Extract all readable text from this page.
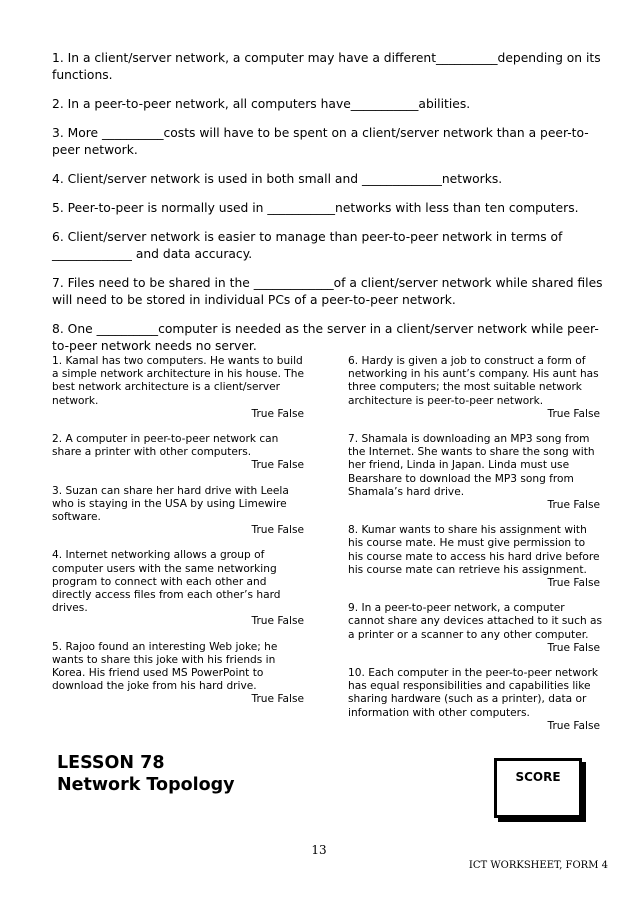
1. In a client/server network, a computer may have a different__________depending on its functions.

2. In a peer-to-peer network, all computers have___________abilities.

3. More __________costs will have to be spent on a client/server network than a peer-to-peer network.

4. Client/server network is used in both small and _____________networks.

5. Peer-to-peer is normally used in ___________networks with less than ten computers.

6. Client/server network is easier to manage than peer-to-peer network in terms of _____________ and data accuracy.

7. Files need to be shared in the _____________of a client/server network while shared files will need to be stored in individual PCs of a peer-to-peer network.

8. One __________computer is needed as the server in a client/server network while peer-to-peer network needs no server.

1. Kamal has two computers. He wants to build a simple network architecture in his house. The best network architecture is a client/server network.

True False

2. A computer in peer-to-peer network can share a printer with other computers.

True False

3. Suzan can share her hard drive with Leela who is staying in the USA by using Limewire software.

True False

4. Internet networking allows a group of computer users with the same networking program to connect with each other and directly access files from each other’s hard drives.

True False

5. Rajoo found an interesting Web joke; he wants to share this joke with his friends in Korea. His friend used MS PowerPoint to download the joke from his hard drive.

True False

6. Hardy is given a job to construct a form of networking in his aunt’s company. His aunt has three computers; the most suitable network architecture is peer-to-peer network.

True False

7. Shamala is downloading an MP3 song from the Internet. She wants to share the song with her friend, Linda in Japan. Linda must use Bearshare to download the MP3 song from Shamala’s hard drive.

True False

8. Kumar wants to share his assignment with his course mate. He must give permission to his course mate to access his hard drive before his course mate can retrieve his assignment.

True False

9. In a peer-to-peer network, a computer cannot share any devices attached to it such as a printer or a scanner to any other computer.

True False

10. Each computer in the peer-to-peer network has equal responsibilities and capabilities like sharing hardware (such as a printer), data or information with other computers.

True False

LESSON 78
Network Topology	SCORE
13
ICT WORKSHEET, FORM 4
